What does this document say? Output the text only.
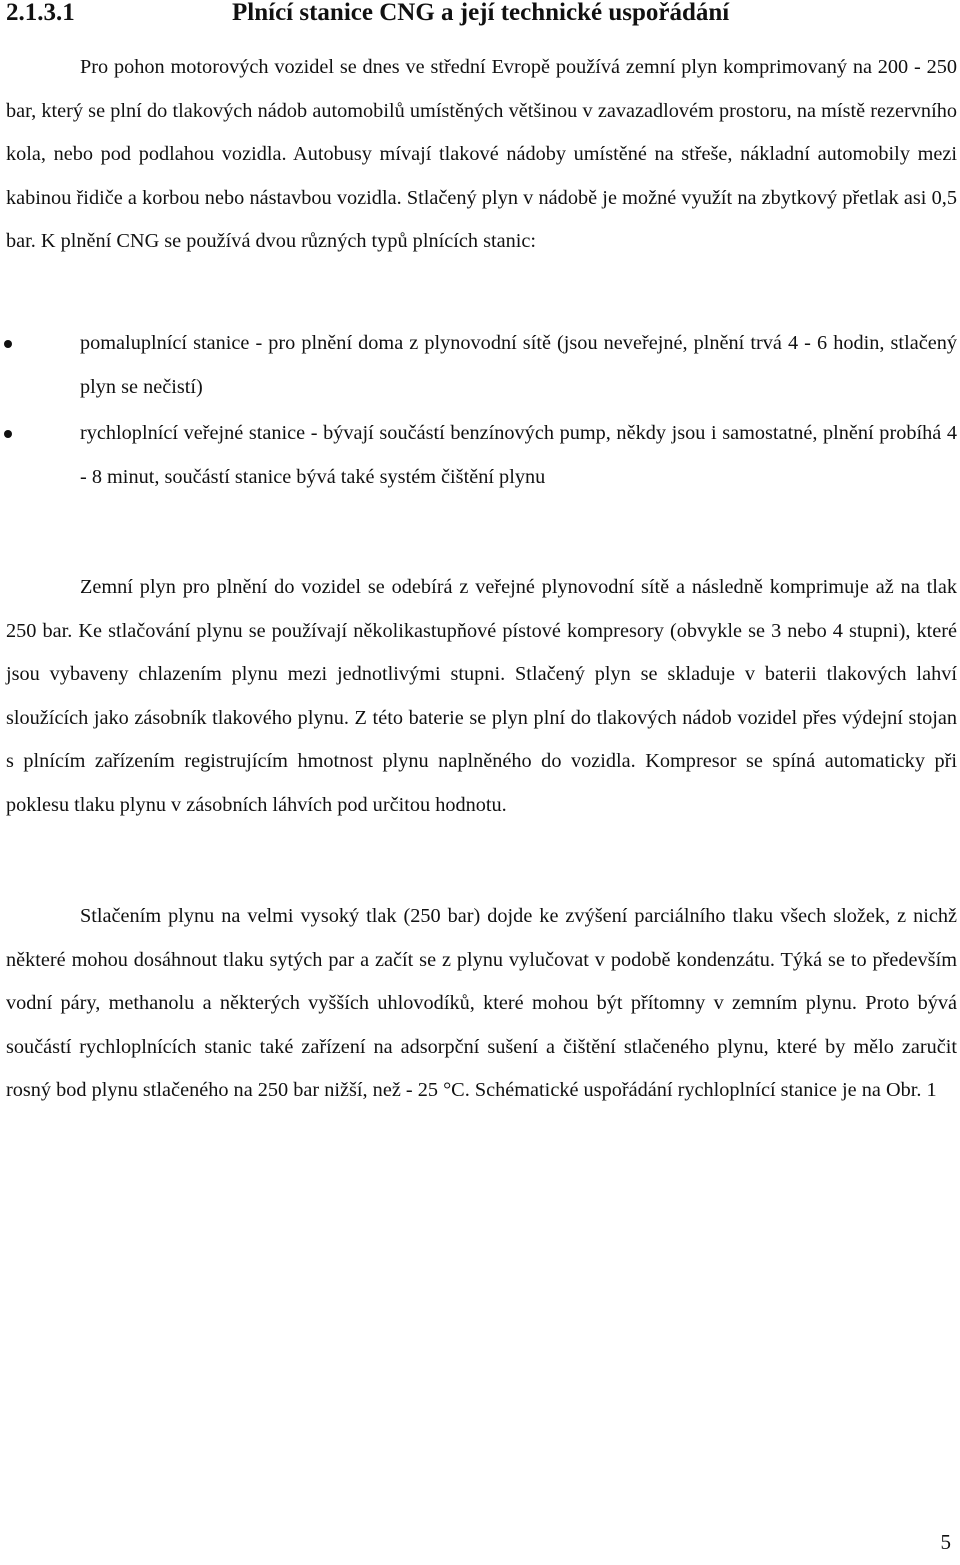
2.1.3.1	Plnící stanice CNG a její technické uspořádání

Pro pohon motorových vozidel se dnes ve střední Evropě používá zemní plyn komprimovaný na 200 - 250 bar, který se plní do tlakových nádob automobilů umístěných většinou v zavazadlovém prostoru, na místě rezervního kola, nebo pod podlahou vozidla. Autobusy mívají tlakové nádoby umístěné na střeše, nákladní automobily mezi kabinou řidiče a korbou nebo nástavbou vozidla. Stlačený plyn v nádobě je možné využít na zbytkový přetlak asi 0,5 bar. K plnění CNG se používá dvou různých typů plnících stanic:

pomaluplnící stanice - pro plnění doma z plynovodní sítě (jsou neveřejné, plnění trvá 4 - 6 hodin, stlačený plyn se nečistí)
rychloplnící veřejné stanice - bývají součástí benzínových pump, někdy jsou i samostatné, plnění probíhá 4 - 8 minut, součástí stanice bývá také systém čištění plynu

Zemní plyn pro plnění do vozidel se odebírá z veřejné plynovodní sítě a následně komprimuje až na tlak 250 bar. Ke stlačování plynu se používají několikastupňové pístové kompresory (obvykle se 3 nebo 4 stupni), které jsou vybaveny chlazením plynu mezi jednotlivými stupni. Stlačený plyn se skladuje v baterii tlakových lahví sloužících jako zásobník tlakového plynu. Z této baterie se plyn plní do tlakových nádob vozidel přes výdejní stojan s plnícím zařízením registrujícím hmotnost plynu naplněného do vozidla. Kompresor se spíná automaticky při poklesu tlaku plynu v zásobních láhvích pod určitou hodnotu.

Stlačením plynu na velmi vysoký tlak (250 bar) dojde ke zvýšení parciálního tlaku všech složek, z nichž některé mohou dosáhnout tlaku sytých par a začít se z plynu vylučovat v podobě kondenzátu. Týká se to především vodní páry, methanolu a některých vyšších uhlovodíků, které mohou být přítomny v zemním plynu. Proto bývá součástí rychloplnících stanic také zařízení na adsorpční sušení a čištění stlačeného plynu, které by mělo zaručit rosný bod plynu stlačeného na 250 bar nižší, než - 25 °C. Schématické uspořádání rychloplnící stanice je na Obr. 1

5
